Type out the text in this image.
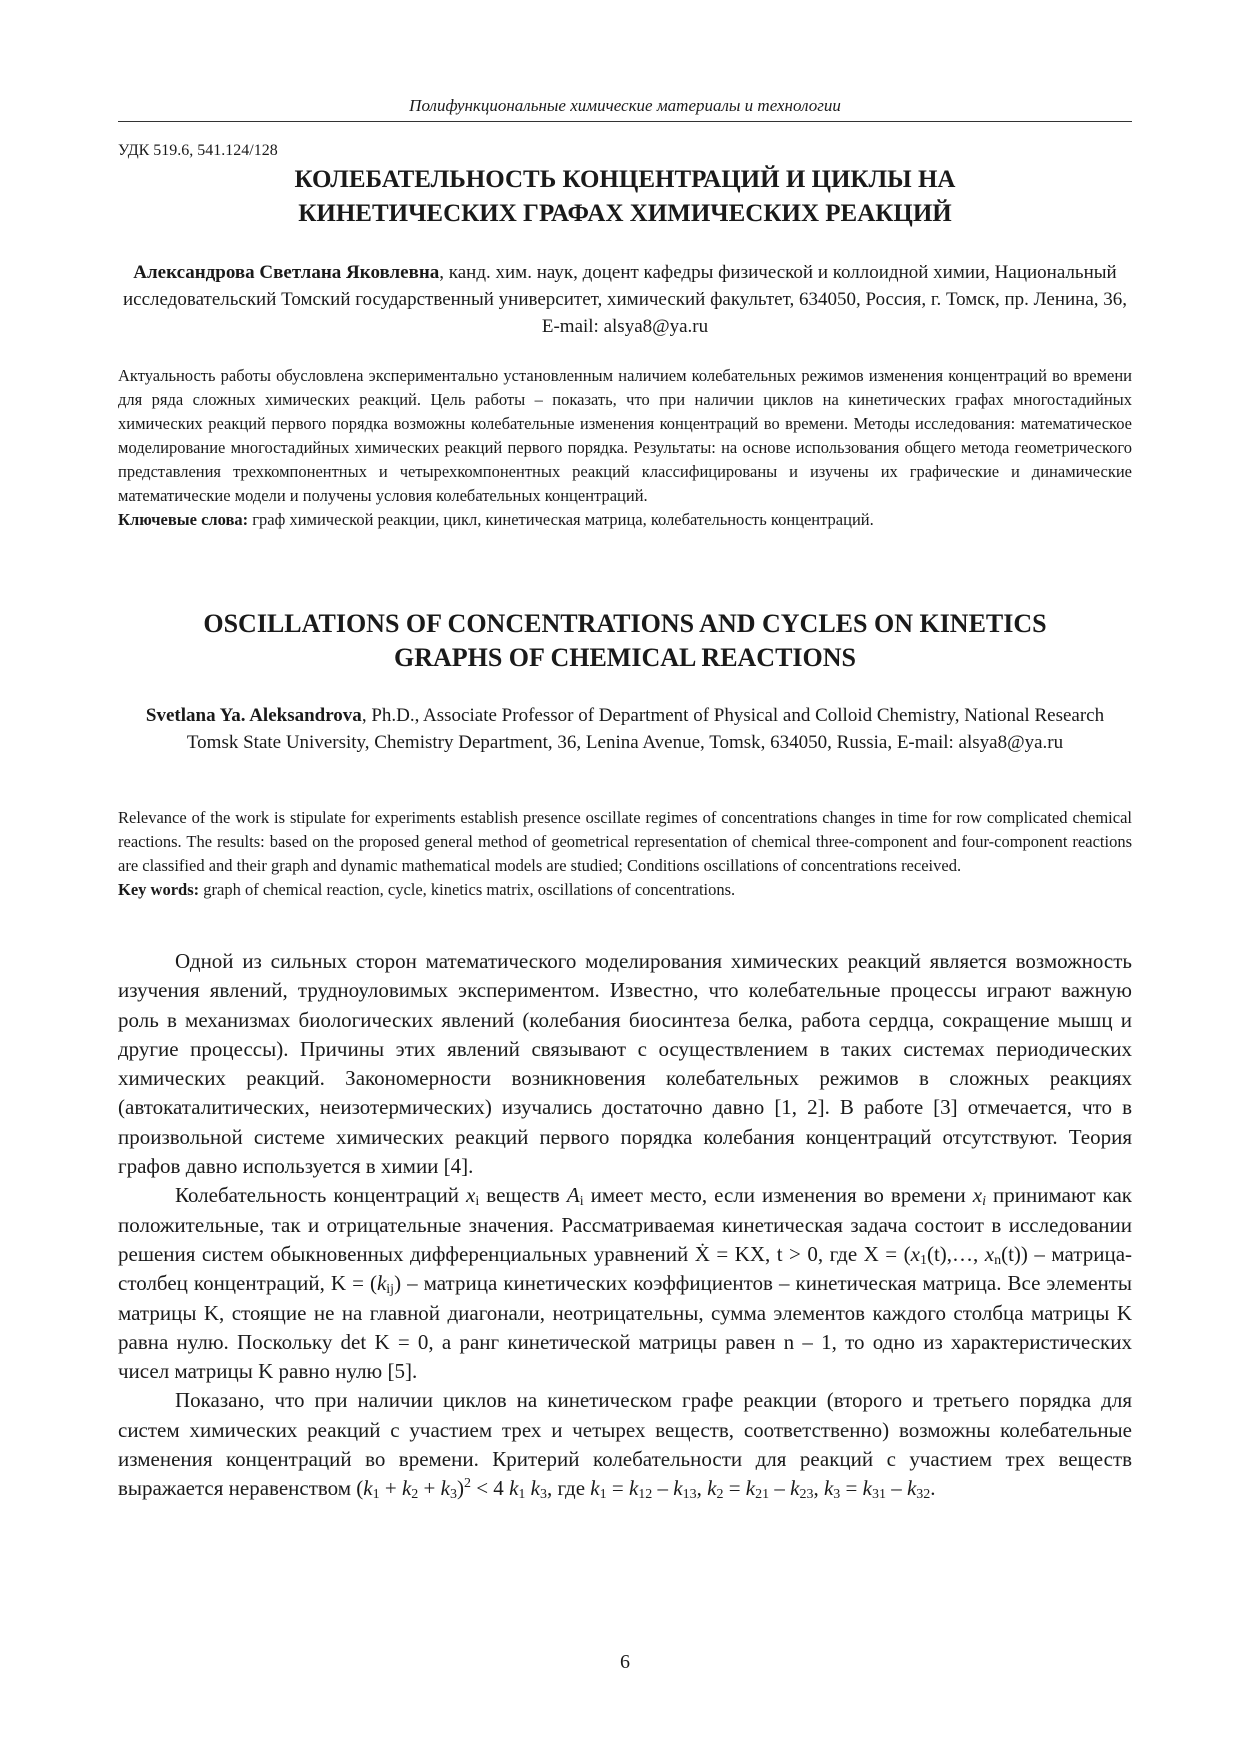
Полифункциональные химические материалы и технологии
УДК 519.6, 541.124/128
КОЛЕБАТЕЛЬНОСТЬ КОНЦЕНТРАЦИЙ И ЦИКЛЫ НА
КИНЕТИЧЕСКИХ ГРАФАХ ХИМИЧЕСКИХ РЕАКЦИЙ
Александрова Светлана Яковлевна, канд. хим. наук, доцент кафедры физической и коллоидной химии, Национальный исследовательский Томский государственный университет, химический факультет, 634050, Россия, г. Томск, пр. Ленина, 36, E-mail: alsya8@ya.ru
Актуальность работы обусловлена экспериментально установленным наличием колебательных режимов изменения концентраций во времени для ряда сложных химических реакций. Цель работы – показать, что при наличии циклов на кинетических графах многостадийных химических реакций первого порядка возможны колебательные изменения концентраций во времени. Методы исследования: математическое моделирование многостадийных химических реакций первого порядка. Результаты: на основе использования общего метода геометрического представления трехкомпонентных и четырехкомпонентных реакций классифицированы и изучены их графические и динамические математические модели и получены условия колебательных концентраций.
Ключевые слова: граф химической реакции, цикл, кинетическая матрица, колебательность концентраций.
OSCILLATIONS OF CONCENTRATIONS AND CYCLES ON KINETICS
GRAPHS OF CHEMICAL REACTIONS
Svetlana Ya. Aleksandrova, Ph.D., Associate Professor of Department of Physical and Colloid Chemistry, National Research Tomsk State University, Chemistry Department, 36, Lenina Avenue, Tomsk, 634050, Russia, E-mail: alsya8@ya.ru
Relevance of the work is stipulate for experiments establish presence oscillate regimes of concentrations changes in time for row complicated chemical reactions. The results: based on the proposed general method of geometrical representation of chemical three-component and four-component reactions are classified and their graph and dynamic mathematical models are studied; Conditions oscillations of concentrations received.
Key words: graph of chemical reaction, cycle, kinetics matrix, oscillations of concentrations.

Одной из сильных сторон математического моделирования химических реакций является возможность изучения явлений, трудноуловимых экспериментом. Известно, что колебательные процессы играют важную роль в механизмах биологических явлений (колебания биосинтеза белка, работа сердца, сокращение мышц и другие процессы). Причины этих явлений связывают с осуществлением в таких системах периодических химических реакций. Закономерности возникновения колебательных режимов в сложных реакциях (автокаталитических, неизотермических) изучались достаточно давно [1, 2]. В работе [3] отмечается, что в произвольной системе химических реакций первого порядка колебания концентраций отсутствуют. Теория графов давно используется в химии [4].

Колебательность концентраций $x_i$ веществ $A_i$ имеет место, если изменения во времени $x_i$ принимают как положительные, так и отрицательные значения. Рассматриваемая кинетическая задача состоит в исследовании решения систем обыкновенных дифференциальных уравнений Ẋ = KX, t > 0, где $X = (x_1(t),\dots$, $x_n(t)$) – матрица-столбец концентраций, $K = (k_{ij})$ – матрица кинетических коэффициентов – кинетическая матрица. Все элементы матрицы K, стоящие не на главной диагонали, неотрицательны, сумма элементов каждого столбца матрицы K равна нулю. Поскольку det K = 0, а ранг кинетической матрицы равен n – 1, то одно из характеристических чисел матрицы K равно нулю [5].

Показано, что при наличии циклов на кинетическом графе реакции (второго и третьего порядка для систем химических реакций с участием трех и четырех веществ, соответственно) возможны колебательные изменения концентраций во времени. Критерий колебательности для реакций с участием трех веществ выражается неравенством $(k_1 + k_2 + k_3)^2 < 4$ $k_1$ $k_3$, где $k_1 = k_{12} - k_{13}$, $k_2 = k_{21} - k_{23}$, $k_3 = k_{31} - k_{32}$.

6
